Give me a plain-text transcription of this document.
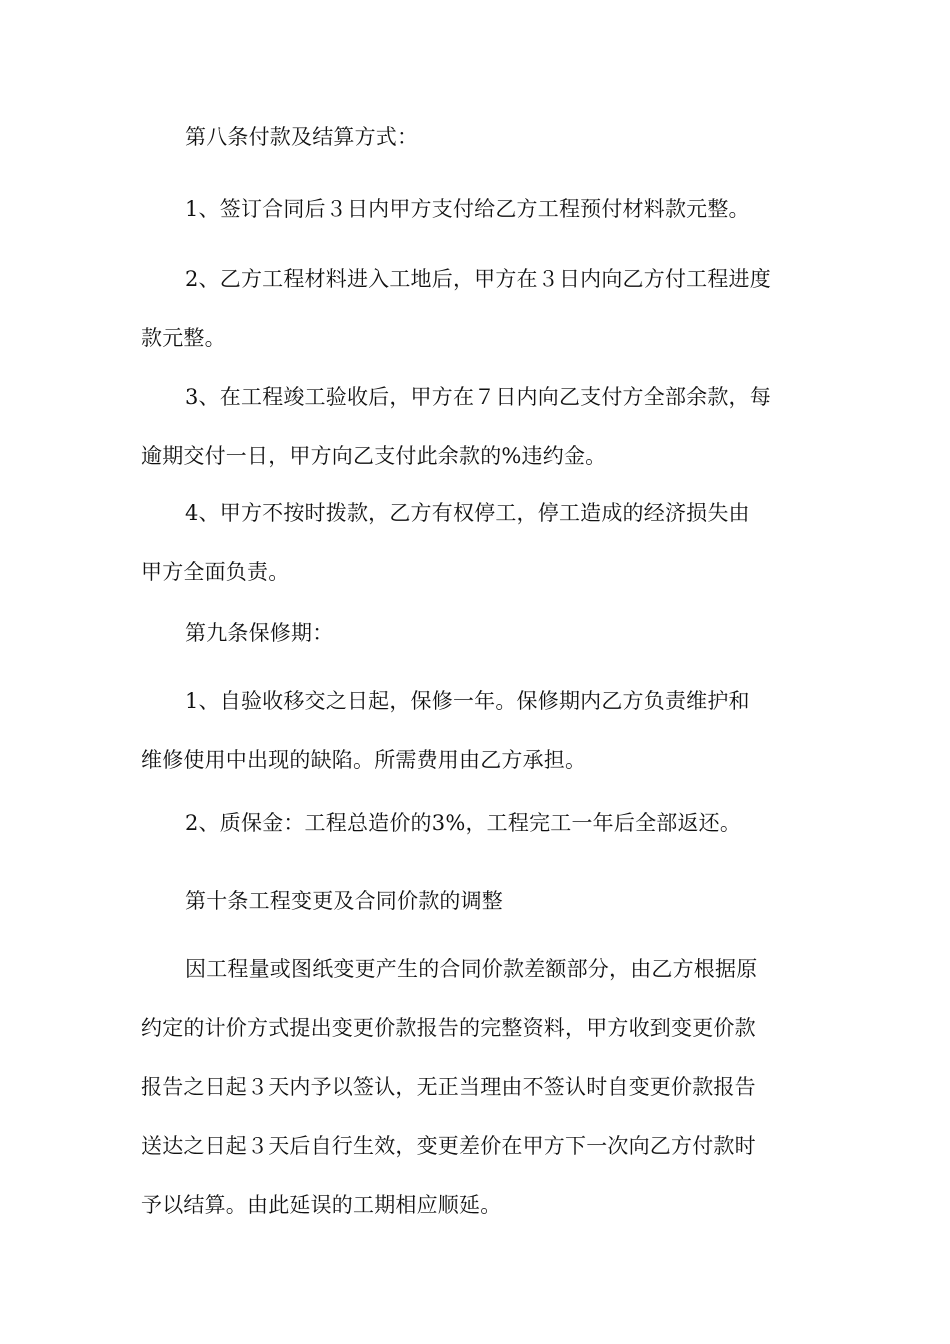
第八条付款及结算方式：

1、签订合同后３日内甲方支付给乙方工程预付材料款元整。

2、乙方工程材料进入工地后，甲方在３日内向乙方付工程进度
款元整。

3、在工程竣工验收后，甲方在７日内向乙支付方全部余款，每
逾期交付一日，甲方向乙支付此余款的%违约金。

4、甲方不按时拨款，乙方有权停工，停工造成的经济损失由
甲方全面负责。

第九条保修期：

1、自验收移交之日起，保修一年。保修期内乙方负责维护和
维修使用中出现的缺陷。所需费用由乙方承担。

2、质保金：工程总造价的3%，工程完工一年后全部返还。

第十条工程变更及合同价款的调整

因工程量或图纸变更产生的合同价款差额部分，由乙方根据原
约定的计价方式提出变更价款报告的完整资料，甲方收到变更价款
报告之日起３天内予以签认，无正当理由不签认时自变更价款报告
送达之日起３天后自行生效，变更差价在甲方下一次向乙方付款时
予以结算。由此延误的工期相应顺延。
